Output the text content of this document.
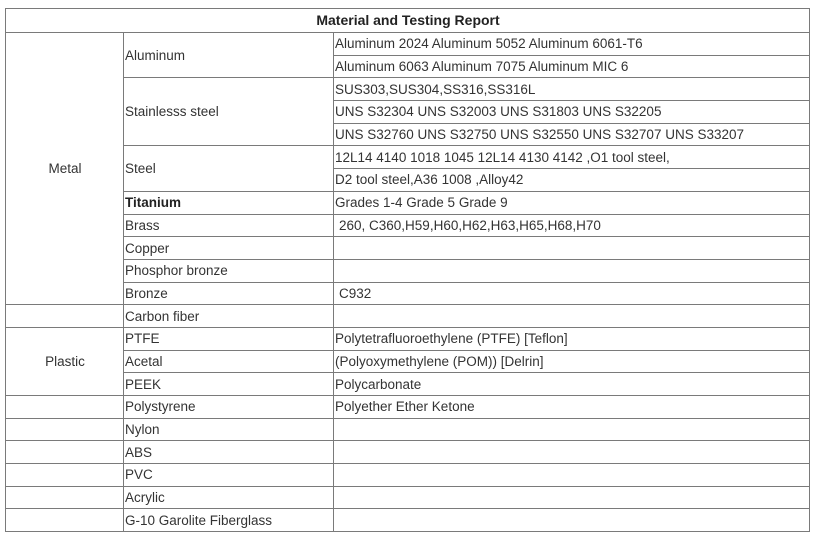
Material and Testing Report		
Metal	Aluminum	Aluminum 2024 Aluminum 5052 Aluminum 6061-T6
		Aluminum 6063 Aluminum 7075 Aluminum MIC 6
	Stainlesss steel	SUS303,SUS304,SS316,SS316L
		UNS S32304 UNS S32003 UNS S31803 UNS S32205
		UNS S32760 UNS S32750 UNS S32550 UNS S32707 UNS S33207
	Steel	12L14 4140 1018 1045 12L14 4130 4142 ,O1 tool steel,
		D2 tool steel,A36 1008 ,Alloy42
	Titanium	Grades 1-4 Grade 5 Grade 9
	Brass	260, C360,H59,H60,H62,H63,H65,H68,H70
	Copper	
	Phosphor bronze	
	Bronze	C932
	Carbon fiber	
Plastic	PTFE	Polytetrafluoroethylene (PTFE) [Teflon]
	Acetal	(Polyoxymethylene (POM)) [Delrin]
	PEEK	Polycarbonate
	Polystyrene	Polyether Ether Ketone
	Nylon	
	ABS	
	PVC	
	Acrylic	
	G-10 Garolite Fiberglass	
